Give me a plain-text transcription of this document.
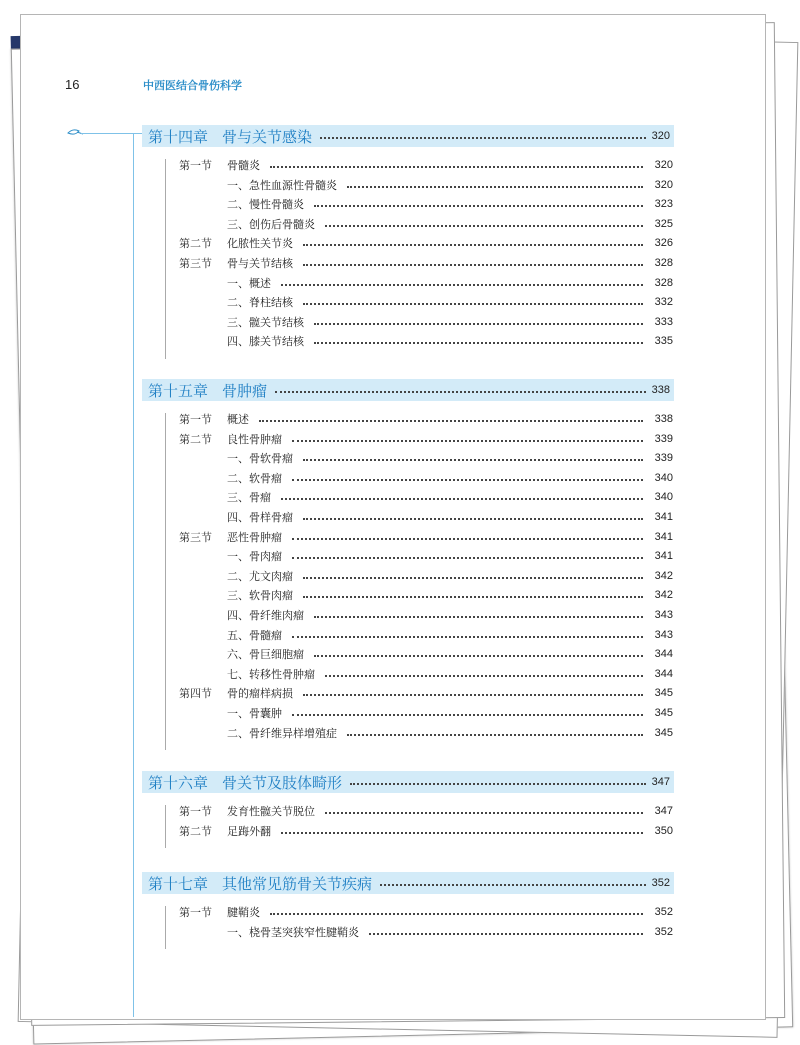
16	中西医结合骨伤科学
第十四章 骨与关节感染	320
第一节	骨髓炎	320
一、急性血源性骨髓炎	320
二、慢性骨髓炎	323
三、创伤后骨髓炎	325
第二节	化脓性关节炎	326
第三节	骨与关节结核	328
一、概述	328
二、脊柱结核	332
三、髋关节结核	333
四、膝关节结核	335
第十五章 骨肿瘤	338
第一节	概述	338
第二节	良性骨肿瘤	339
一、骨软骨瘤	339
二、软骨瘤	340
三、骨瘤	340
四、骨样骨瘤	341
第三节	恶性骨肿瘤	341
一、骨肉瘤	341
二、尤文肉瘤	342
三、软骨肉瘤	342
四、骨纤维肉瘤	343
五、骨髓瘤	343
六、骨巨细胞瘤	344
七、转移性骨肿瘤	344
第四节	骨的瘤样病损	345
一、骨囊肿	345
二、骨纤维异样增殖症	345
第十六章 骨关节及肢体畸形	347
第一节	发育性髋关节脱位	347
第二节	足踇外翻	350
第十七章 其他常见筋骨关节疾病	352
第一节	腱鞘炎	352
一、桡骨茎突狭窄性腱鞘炎	352
